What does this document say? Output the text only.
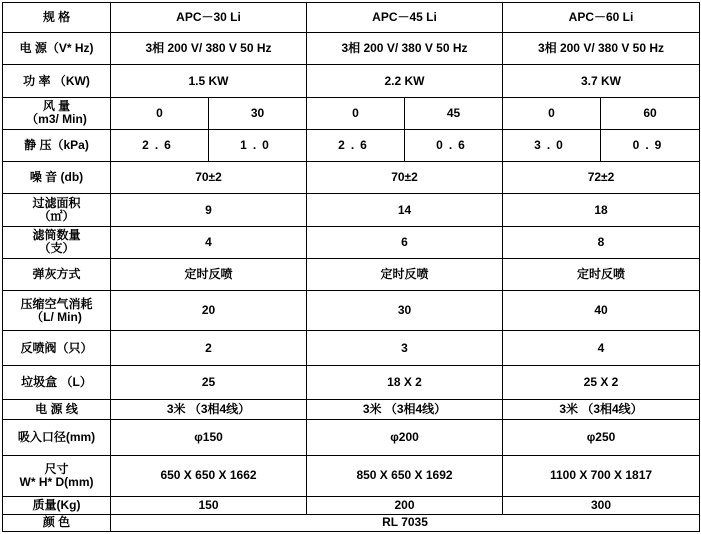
规 格	APC－30 Li		APC－45 Li		APC－60 Li	
电 源（V* Hz)	3相 200 V/ 380 V 50 Hz		3相 200 V/ 380 V 50 Hz		3相 200 V/ 380 V 50 Hz	
功 率 （KW)	1.5 KW		2.2 KW		3.7 KW	

风 量
（m3/ Min)	0	30	0	45	0	60
静 压（kPa)	2.6	1.0	2.6	0.6	3.0	0.9
噪 音 (db)	70±2		70±2		72±2	

过滤面积
（㎡）	9		14		18	

滤筒数量
（支）	4		6		8	
弹灰方式	定时反喷		定时反喷		定时反喷	

压缩空气消耗
（L/ Min)	20		30		40	
反喷阀（只）	2		3		4	
垃圾盒 （L）	25		18 X 2		25 X 2	
电 源 线	3米 （3相4线）		3米 （3相4线）		3米 （3相4线）	
吸入口径(mm)	φ150		φ200		φ250	

尺寸
W* H* D(mm)	650 X 650 X 1662		850 X 650 X 1692		1100 X 700 X 1817	
质量(Kg)	150		200		300	
颜 色	RL 7035					
